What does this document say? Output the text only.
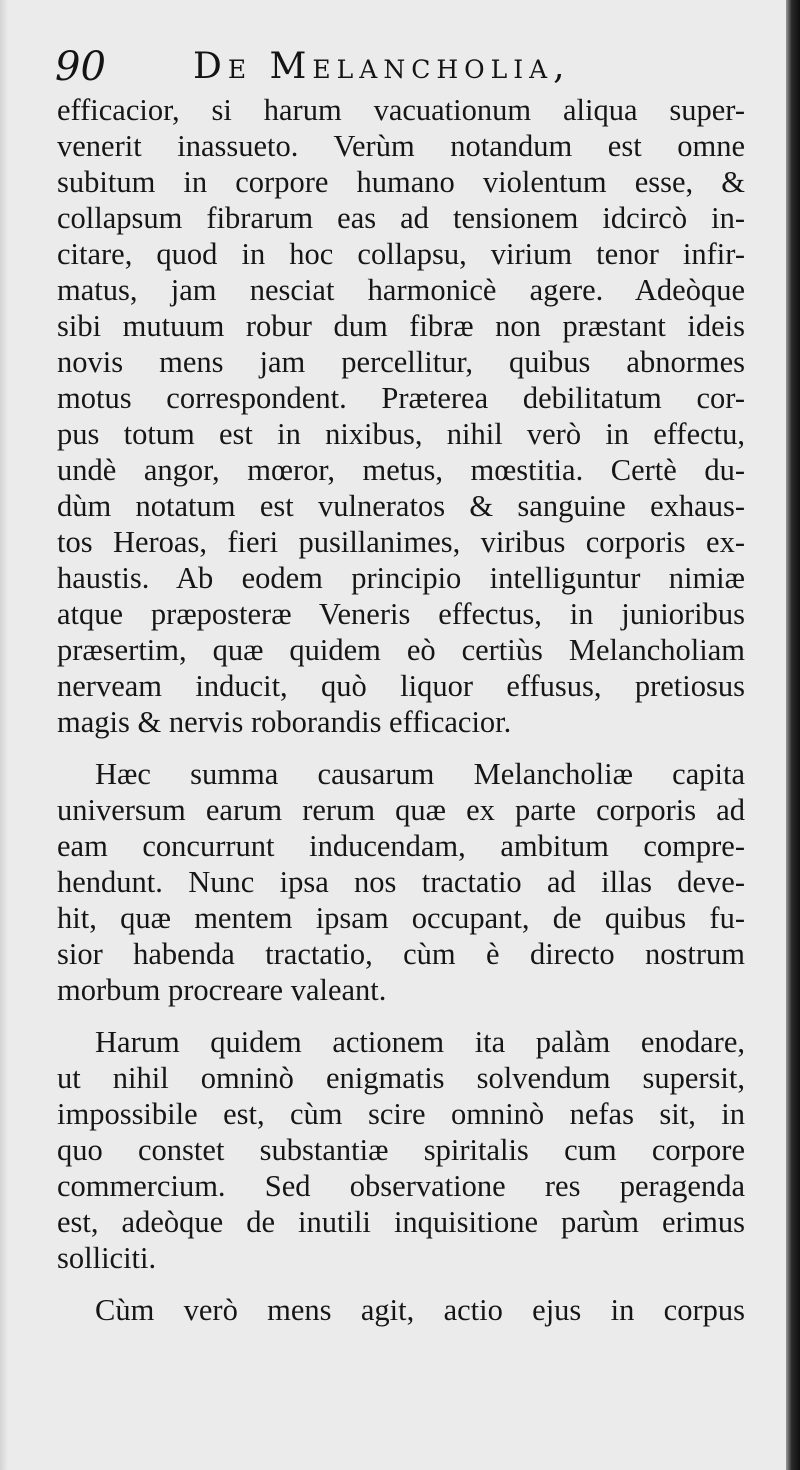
90 De Melancholia,
efficacior, si harum vacuationum aliqua super-
venerit inassueto. Verùm notandum est omne
subitum in corpore humano violentum esse, &
collapsum fibrarum eas ad tensionem idcircò in-
citare, quod in hoc collapsu, virium tenor infir-
matus, jam nesciat harmonicè agere. Adeòque
sibi mutuum robur dum fibræ non præstant ideis
novis mens jam percellitur, quibus abnormes
motus correspondent. Præterea debilitatum cor-
pus totum est in nixibus, nihil verò in effectu,
undè angor, mœror, metus, mœstitia. Certè du-
dùm notatum est vulneratos & sanguine exhaus-
tos Heroas, fieri pusillanimes, viribus corporis ex-
haustis. Ab eodem principio intelliguntur nimiæ
atque præposteræ Veneris effectus, in junioribus
præsertim, quæ quidem eò certiùs Melancholiam
nerveam inducit, quò liquor effusus, pretiosus
magis & nervis roborandis efficacior.
Hæc summa causarum Melancholiæ capita
universum earum rerum quæ ex parte corporis ad
eam concurrunt inducendam, ambitum compre-
hendunt. Nunc ipsa nos tractatio ad illas deve-
hit, quæ mentem ipsam occupant, de quibus fu-
sior habenda tractatio, cùm è directo nostrum
morbum procreare valeant.
Harum quidem actionem ita palàm enodare,
ut nihil omninò enigmatis solvendum supersit,
impossibile est, cùm scire omninò nefas sit, in
quo constet substantiæ spiritalis cum corpore
commercium. Sed observatione res peragenda
est, adeòque de inutili inquisitione parùm erimus
solliciti.
Cùm verò mens agit, actio ejus in corpus
